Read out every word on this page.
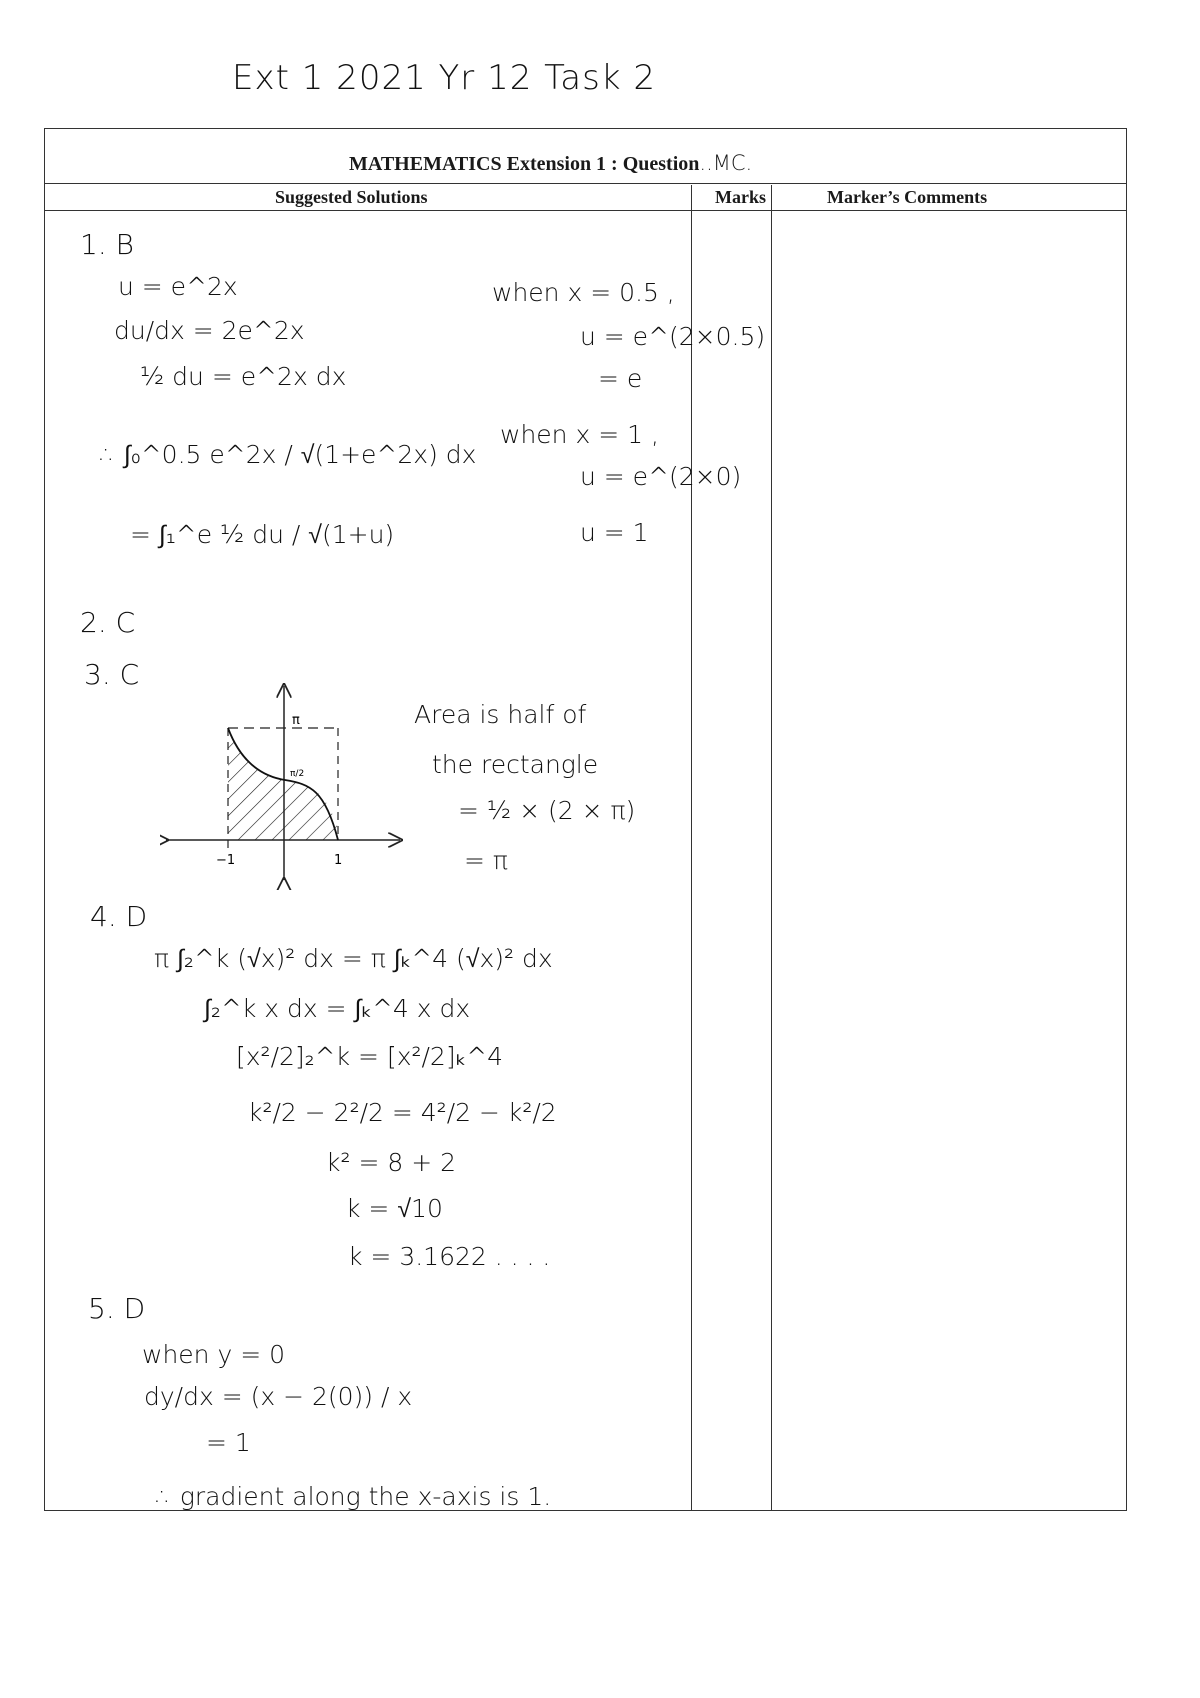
Ext 1 2021 Yr 12 Task 2
MATHEMATICS Extension 1 : Question..MC.
Suggested Solutions	Marks	Marker’s Comments
1. B
u = e^2x
du/dx = 2e^2x
½ du = e^2x dx
∴ ∫₀^0.5 e^2x / √(1+e^2x) dx
= ∫₁^e ½ du / √(1+u)
when x = 0.5 ,
u = e^(2×0.5)
= e
when x = 1 ,
u = e^(2×0)
u = 1
2. C
3. C
π
π/2
−1	1
Area is half of
the rectangle
= ½ × (2 × π)
= π
4. D
π ∫₂^k (√x)² dx = π ∫ₖ^4 (√x)² dx
∫₂^k x dx = ∫ₖ^4 x dx
[x²/2]₂^k = [x²/2]ₖ^4
k²/2 − 2²/2 = 4²/2 − k²/2
k² = 8 + 2
k = √10
k = 3.1622 . . . .
5. D
when y = 0
dy/dx = (x − 2(0)) / x
= 1
∴ gradient along the x-axis is 1.
